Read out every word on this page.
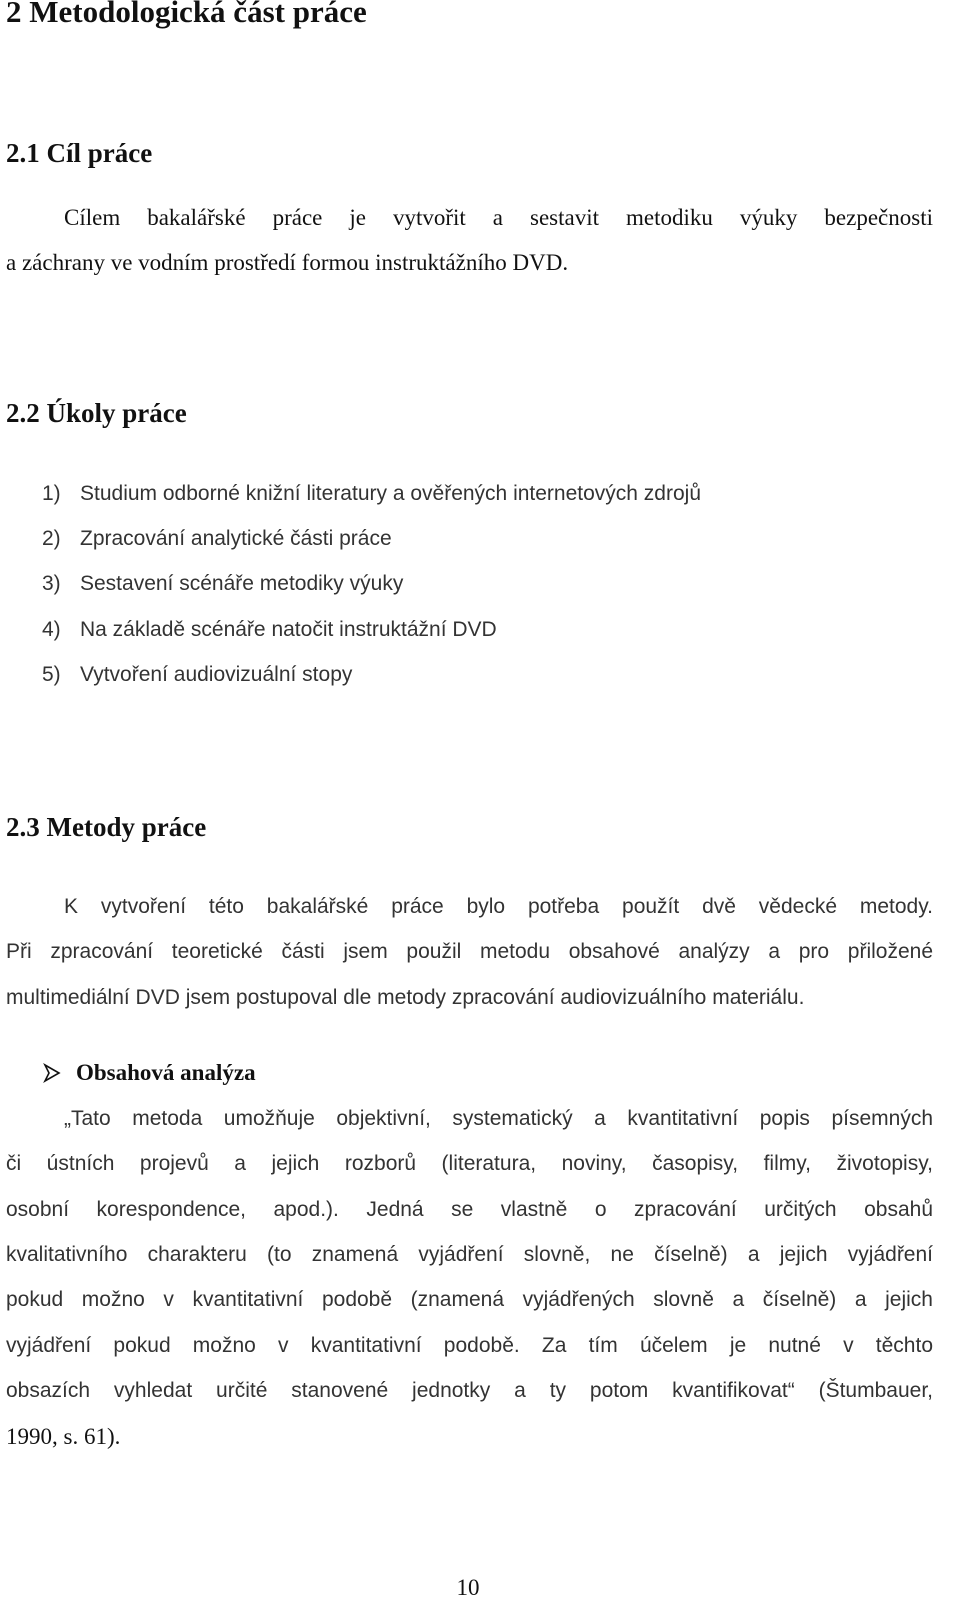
2 Metodologická část práce
2.1 Cíl práce
Cílem bakalářské práce je vytvořit a sestavit metodiku výuky bezpečnosti
a záchrany ve vodním prostředí formou instruktážního DVD.
2.2 Úkoly práce
1) Studium odborné knižní literatury a ověřených internetových zdrojů
2) Zpracování analytické části práce
3) Sestavení scénáře metodiky výuky
4) Na základě scénáře natočit instruktážní DVD
5) Vytvoření audiovizuální stopy
2.3 Metody práce
K vytvoření této bakalářské práce bylo potřeba použít dvě vědecké metody.
Při zpracování teoretické části jsem použil metodu obsahové analýzy a pro přiložené
multimediální DVD jsem postupoval dle metody zpracování audiovizuálního materiálu.
Obsahová analýza
„Tato metoda umožňuje objektivní, systematický a kvantitativní popis písemných
či ústních projevů a jejich rozborů (literatura, noviny, časopisy, filmy, životopisy,
osobní korespondence, apod.). Jedná se vlastně o zpracování určitých obsahů
kvalitativního charakteru (to znamená vyjádření slovně, ne číselně) a jejich vyjádření
pokud možno v kvantitativní podobě (znamená vyjádřených slovně a číselně) a jejich
vyjádření pokud možno v kvantitativní podobě. Za tím účelem je nutné v těchto
obsazích vyhledat určité stanovené jednotky a ty potom kvantifikovat“ (Štumbauer,
1990, s. 61).
10
